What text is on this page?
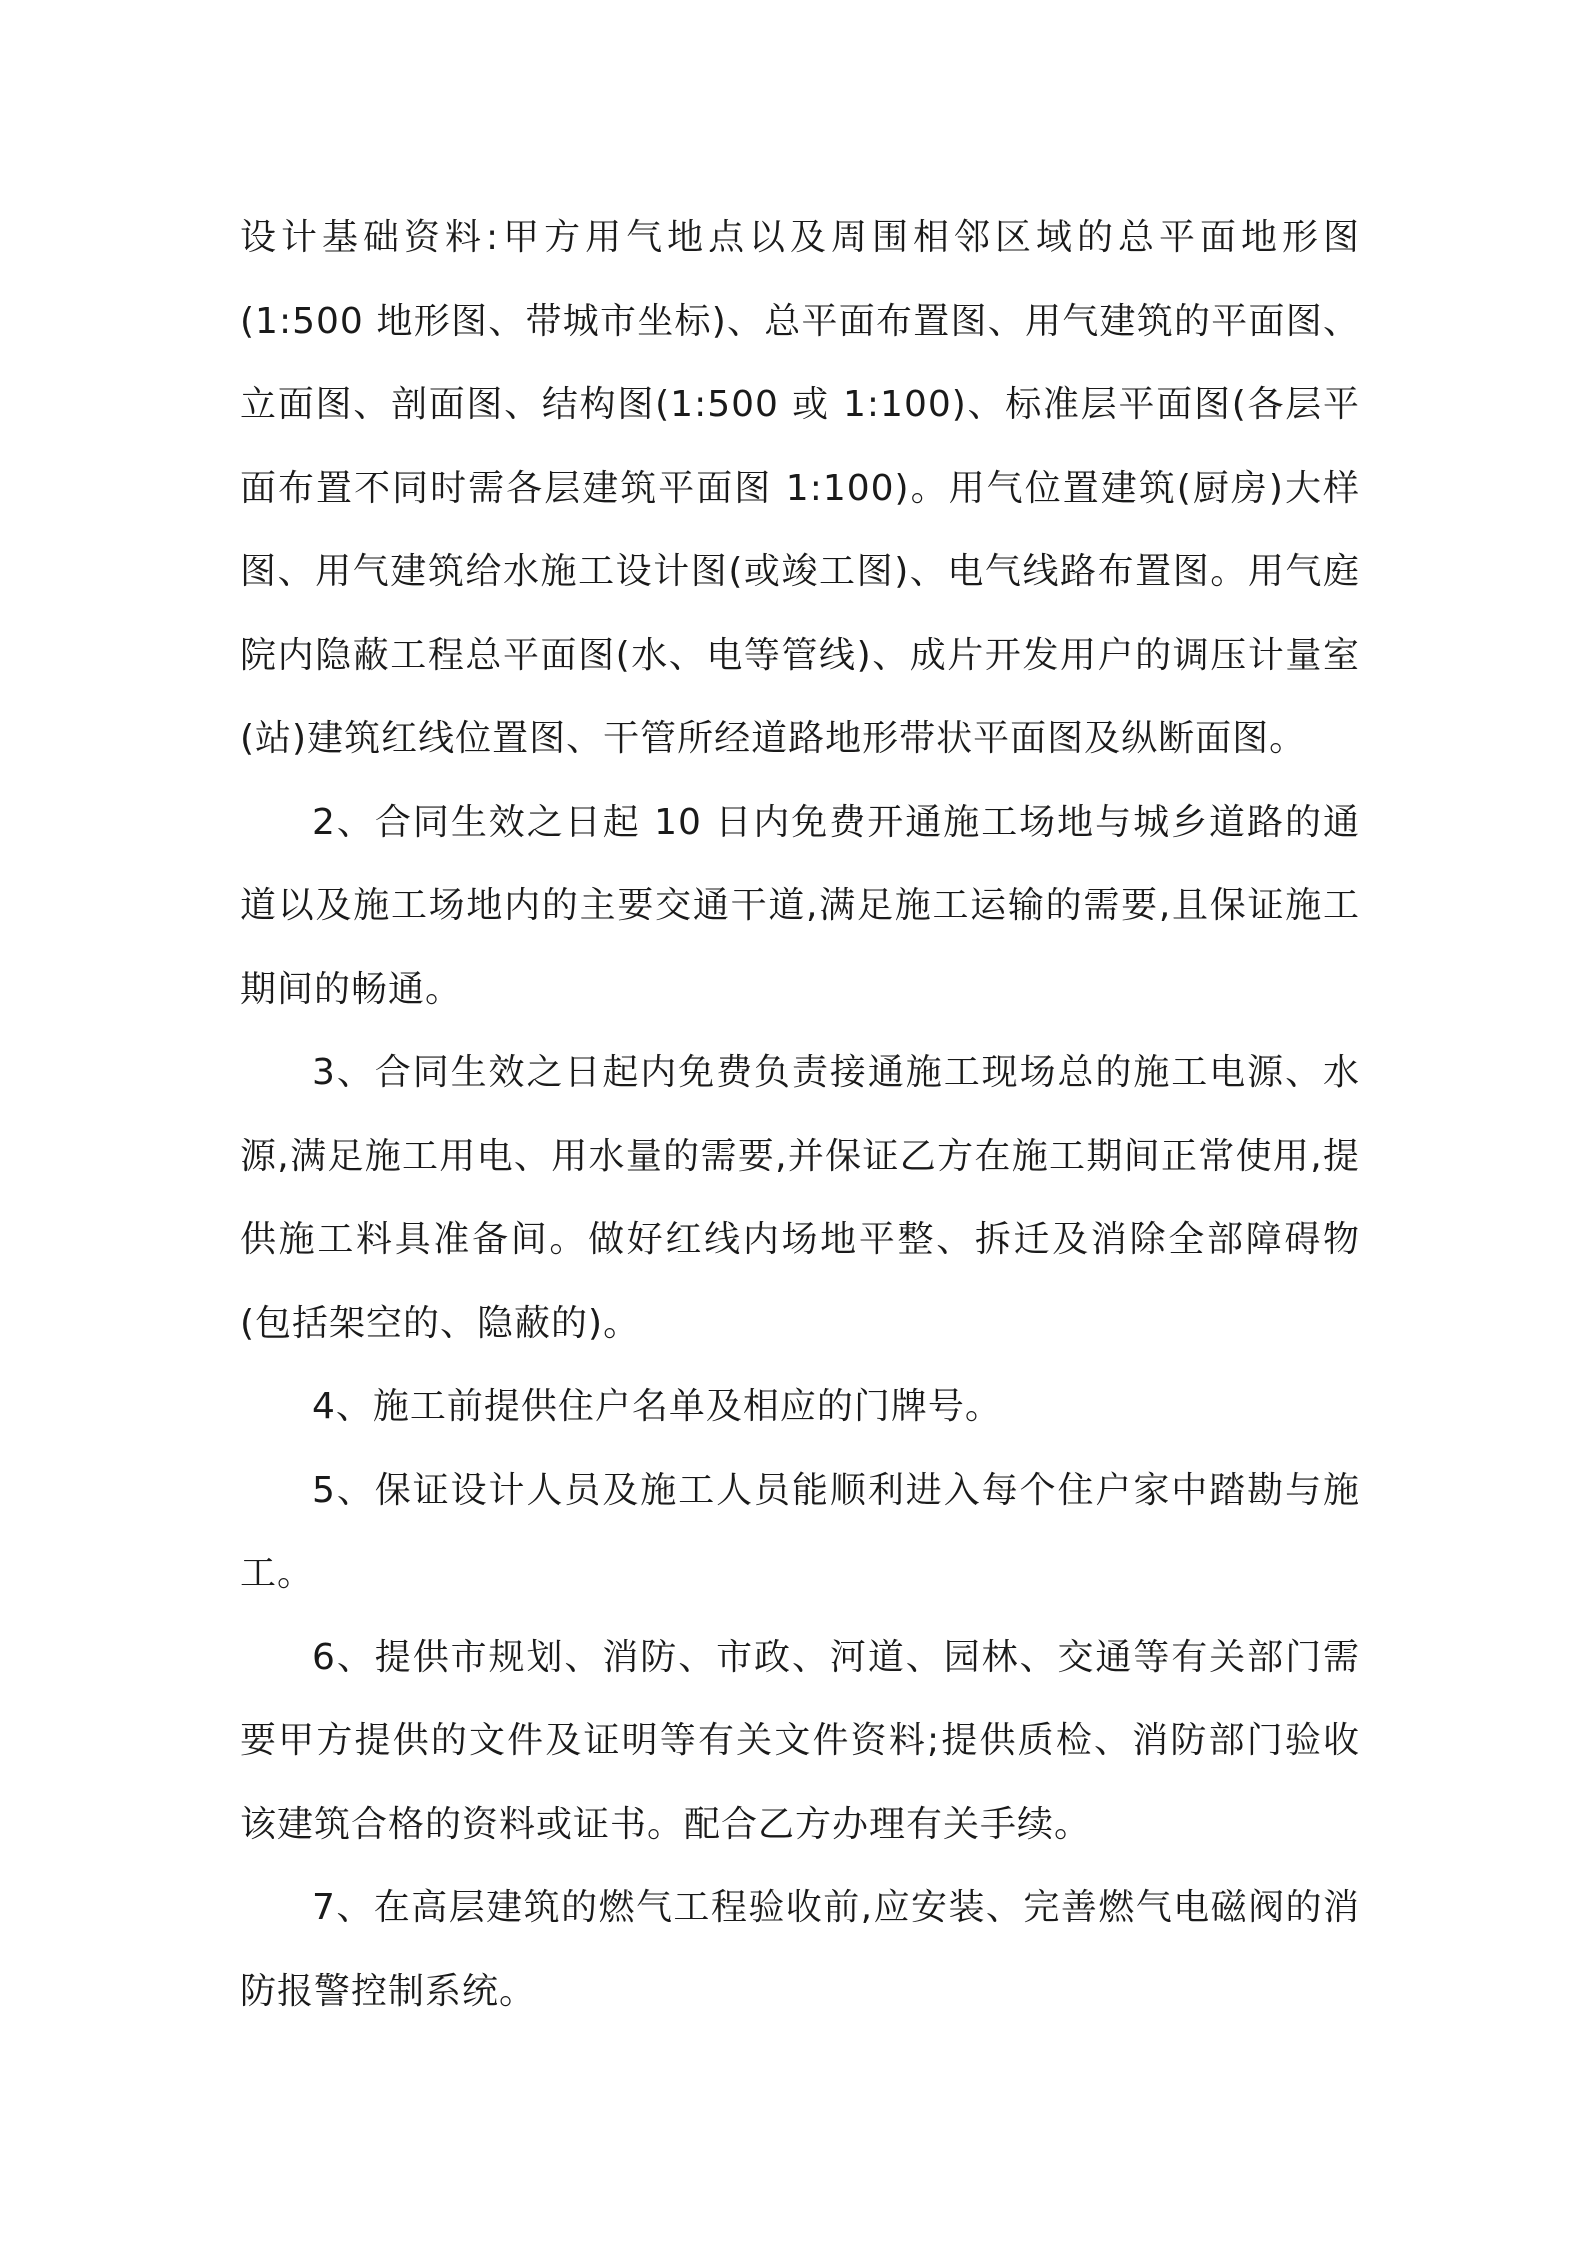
设计基础资料:甲方用气地点以及周围相邻区域的总平面地形图(1:500 地形图、带城市坐标)、总平面布置图、用气建筑的平面图、立面图、剖面图、结构图(1:500 或 1:100)、标准层平面图(各层平面布置不同时需各层建筑平面图 1:100)。用气位置建筑(厨房)大样图、用气建筑给水施工设计图(或竣工图)、电气线路布置图。用气庭院内隐蔽工程总平面图(水、电等管线)、成片开发用户的调压计量室(站)建筑红线位置图、干管所经道路地形带状平面图及纵断面图。

2、合同生效之日起 10 日内免费开通施工场地与城乡道路的通道以及施工场地内的主要交通干道,满足施工运输的需要,且保证施工期间的畅通。

3、合同生效之日起内免费负责接通施工现场总的施工电源、水源,满足施工用电、用水量的需要,并保证乙方在施工期间正常使用,提供施工料具准备间。做好红线内场地平整、拆迁及消除全部障碍物(包括架空的、隐蔽的)。

4、施工前提供住户名单及相应的门牌号。

5、保证设计人员及施工人员能顺利进入每个住户家中踏勘与施工。

6、提供市规划、消防、市政、河道、园林、交通等有关部门需要甲方提供的文件及证明等有关文件资料;提供质检、消防部门验收该建筑合格的资料或证书。配合乙方办理有关手续。

7、在高层建筑的燃气工程验收前,应安装、完善燃气电磁阀的消防报警控制系统。
